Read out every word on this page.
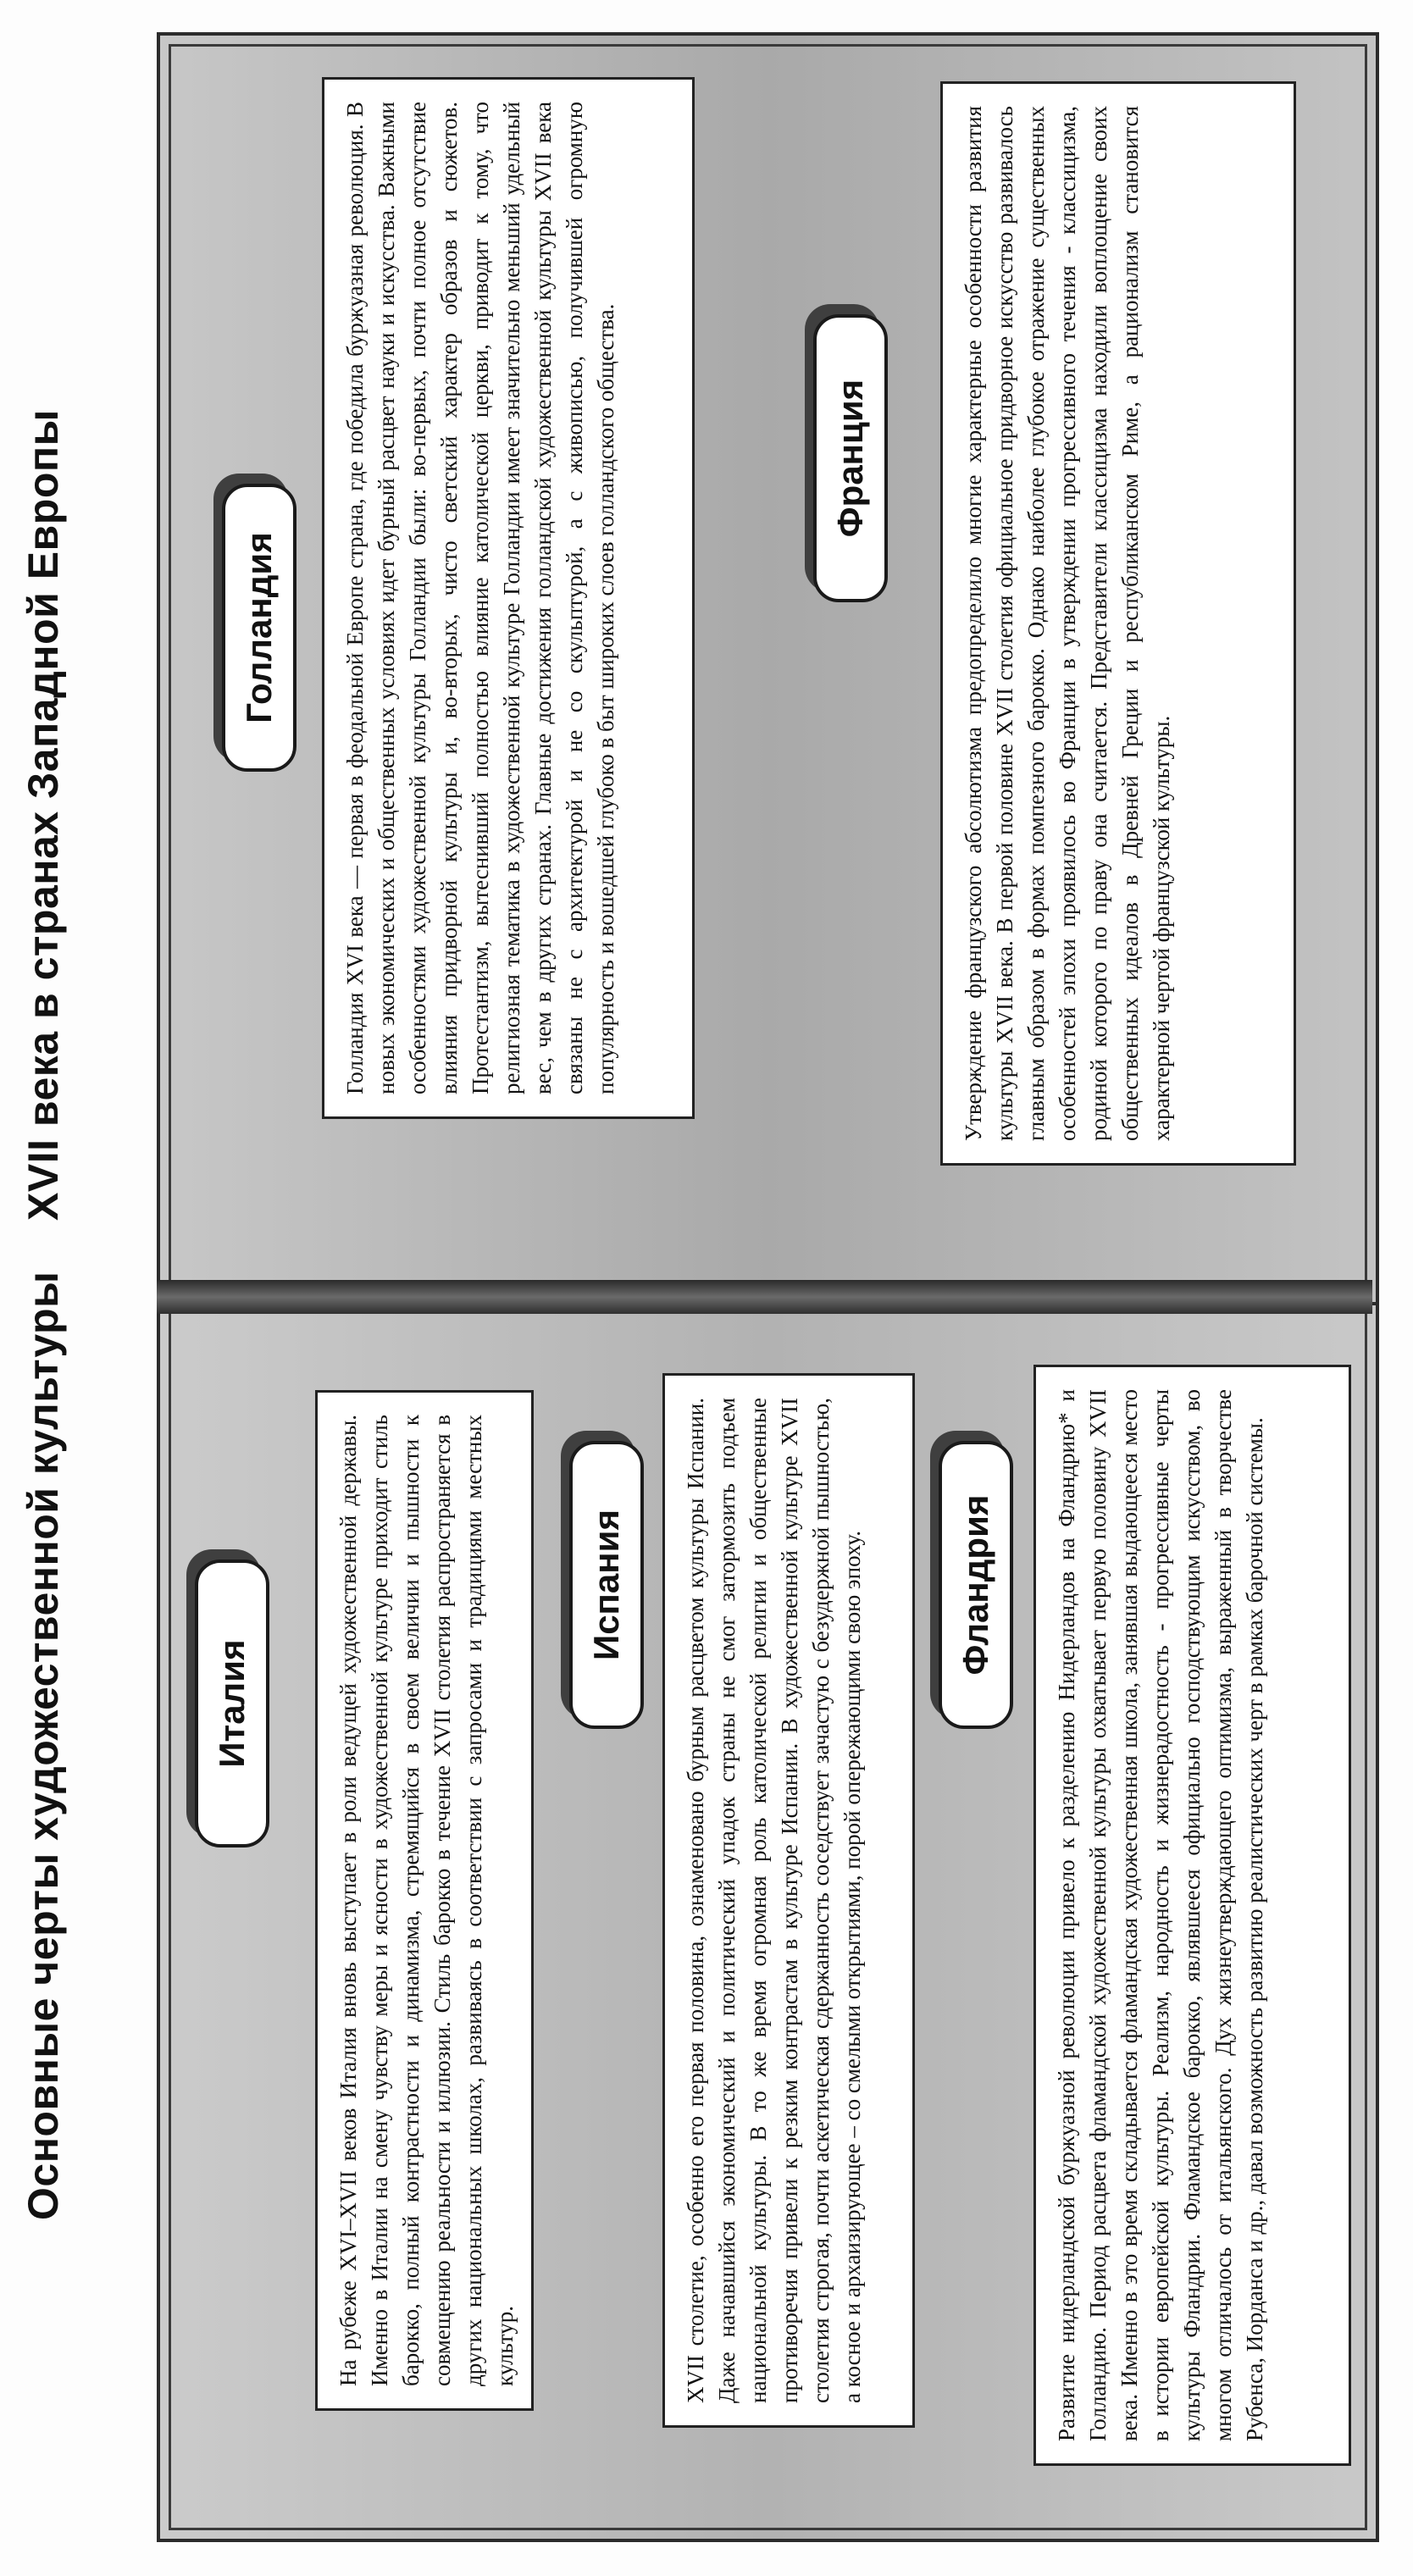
Основные черты художественной культуры
XVII века в странах Западной Европы
Италия	На рубеже XVI–XVII веков Италия вновь выступает в роли ведущей художественной державы. Именно в Италии на смену чувству меры и ясности в художественной культуре приходит стиль барокко, полный контрастности и динамизма, стремящийся в своем величии и пышности к совмещению реальности и иллюзии. Стиль барокко в течение XVII столетия распространяется в других национальных школах, развиваясь в соответствии с запросами и традициями местных культур.
Испания	XVII столетие, особенно его первая половина, ознаменовано бурным расцветом культуры Испании. Даже начавшийся экономический и политический упадок страны не смог затормозить подъем национальной культуры. В то же время огромная роль католической религии и общественные противоречия привели к резким контрастам в культуре Испании. В художественной культуре XVII столетия строгая, почти аскетическая сдержанность соседствует зачастую с безудержной пышностью, а косное и архаизирующее – со смелыми открытиями, порой опережающими свою эпоху.	Фландрия	Развитие нидерландской буржуазной революции привело к разделению Нидерландов на Фландрию* и Голландию. Период расцвета фламандской художественной культуры охватывает первую половину XVII века. Именно в это время складывается фламандская художественная школа, занявшая выдающееся место в истории европейской культуры. Реализм, народность и жизнерадостность - прогрессивные черты культуры Фландрии. Фламандское барокко, являвшееся официально господствующим искусством, во многом отличалось от итальянского. Дух жизнеутверждающего оптимизма, выраженный в творчестве Рубенса, Иорданса и др., давал возможность развитию реалистических черт в рамках барочной системы.
Голландия	Голландия XVI века — первая в феодальной Европе страна, где победила буржуазная революция. В новых экономических и общественных условиях идет бурный расцвет науки и искусства. Важными особенностями художественной культуры Голландии были: во-первых, почти полное отсутствие влияния придворной культуры и, во-вторых, чисто светский характер образов и сюжетов. Протестантизм, вытеснивший полностью влияние католической церкви, приводит к тому, что религиозная тематика в художественной культуре Голландии имеет значительно меньший удельный вес, чем в других странах. Главные достижения голландской художественной культуры XVII века связаны не с архитектурой и не со скульптурой, а с живописью, получившей огромную популярность и вошедшей глубоко в быт широких слоев голландского общества.	Франция	Утверждение французского абсолютизма предопределило многие характерные особенности развития культуры XVII века. В первой половине XVII столетия официальное придворное искусство развивалось главным образом в формах помпезного барокко. Однако наиболее глубокое отражение существенных особенностей эпохи проявилось во Франции в утверждении прогрессивного течения - классицизма, родиной которого по праву она считается. Представители классицизма находили воплощение своих общественных идеалов в Древней Греции и республиканском Риме, а рационализм становится характерной чертой французской культуры.
